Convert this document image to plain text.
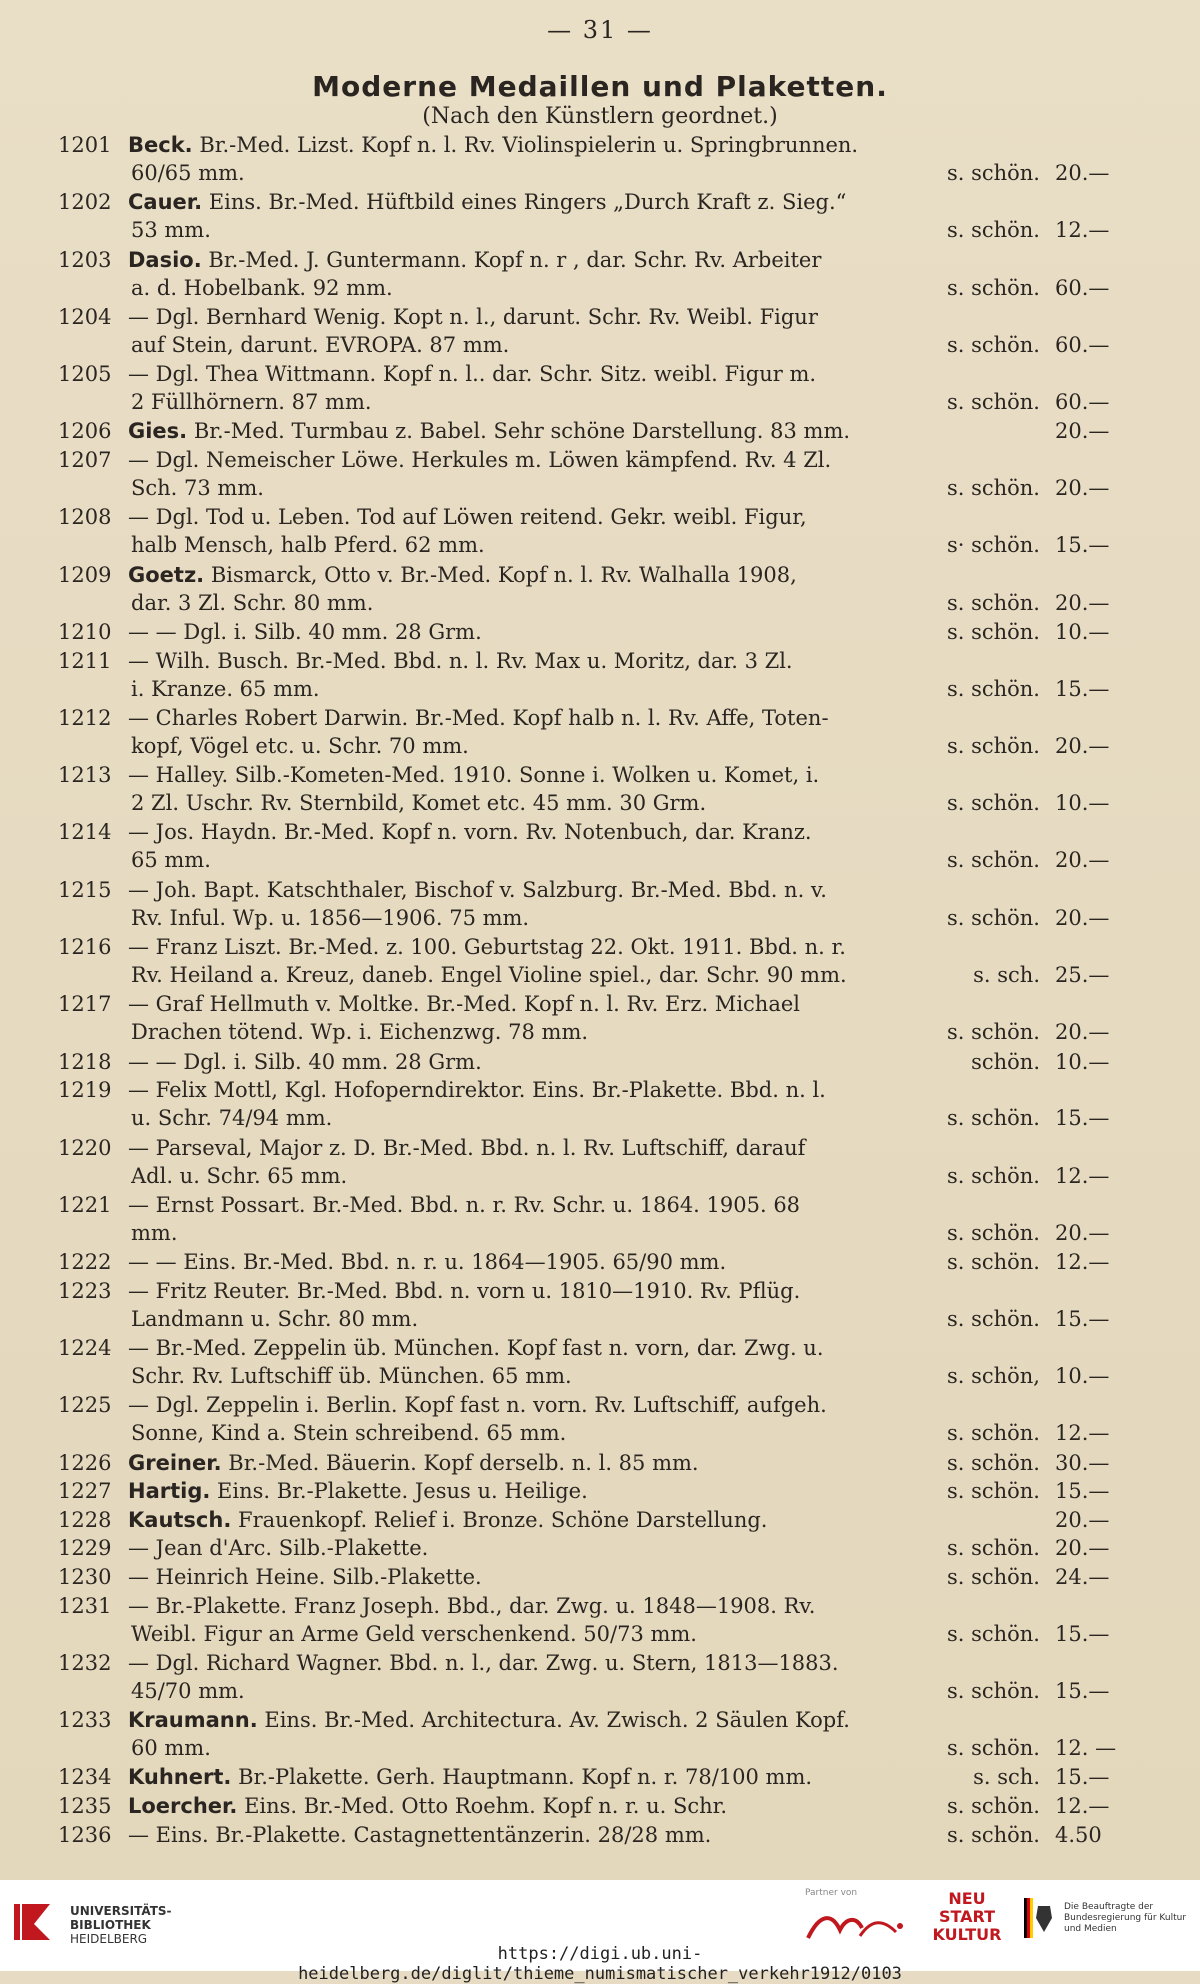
— 31 —
Moderne Medaillen und Plaketten.
(Nach den Künstlern geordnet.)
1201 Beck. Br.-Med. Lizst. Kopf n. l. Rv. Violinspielerin u. Springbrunnen.
60/65 mm.	s. schön. 20.—
1202 Cauer. Eins. Br.-Med. Hüftbild eines Ringers „Durch Kraft z. Sieg.“
53 mm.	s. schön. 12.—
1203 Dasio. Br.-Med. J. Guntermann. Kopf n. r , dar. Schr. Rv. Arbeiter
a. d. Hobelbank. 92 mm.	s. schön. 60.—
1204 — Dgl. Bernhard Wenig. Kopt n. l., darunt. Schr. Rv. Weibl. Figur
auf Stein, darunt. EVROPA. 87 mm.	s. schön. 60.—
1205 — Dgl. Thea Wittmann. Kopf n. l.. dar. Schr. Sitz. weibl. Figur m.
2 Füllhörnern. 87 mm.	s. schön. 60.—
1206 Gies. Br.-Med. Turmbau z. Babel. Sehr schöne Darstellung. 83 mm.	20.—
1207 — Dgl. Nemeischer Löwe. Herkules m. Löwen kämpfend. Rv. 4 Zl.
Sch. 73 mm.	s. schön. 20.—
1208 — Dgl. Tod u. Leben. Tod auf Löwen reitend. Gekr. weibl. Figur,
halb Mensch, halb Pferd. 62 mm.	s· schön. 15.—
1209 Goetz. Bismarck, Otto v. Br.-Med. Kopf n. l. Rv. Walhalla 1908,
dar. 3 Zl. Schr. 80 mm.	s. schön. 20.—
1210 — — Dgl. i. Silb. 40 mm. 28 Grm.	s. schön. 10.—
1211 — Wilh. Busch. Br.-Med. Bbd. n. l. Rv. Max u. Moritz, dar. 3 Zl.
i. Kranze. 65 mm.	s. schön. 15.—
1212 — Charles Robert Darwin. Br.-Med. Kopf halb n. l. Rv. Affe, Toten-
kopf, Vögel etc. u. Schr. 70 mm.	s. schön. 20.—
1213 — Halley. Silb.-Kometen-Med. 1910. Sonne i. Wolken u. Komet, i.
2 Zl. Uschr. Rv. Sternbild, Komet etc. 45 mm. 30 Grm.	s. schön. 10.—
1214 — Jos. Haydn. Br.-Med. Kopf n. vorn. Rv. Notenbuch, dar. Kranz.
65 mm.	s. schön. 20.—
1215 — Joh. Bapt. Katschthaler, Bischof v. Salzburg. Br.-Med. Bbd. n. v.
Rv. Inful. Wp. u. 1856—1906. 75 mm.	s. schön. 20.—
1216 — Franz Liszt. Br.-Med. z. 100. Geburtstag 22. Okt. 1911. Bbd. n. r.
Rv. Heiland a. Kreuz, daneb. Engel Violine spiel., dar. Schr. 90 mm.	s. sch. 25.—
1217 — Graf Hellmuth v. Moltke. Br.-Med. Kopf n. l. Rv. Erz. Michael
Drachen tötend. Wp. i. Eichenzwg. 78 mm.	s. schön. 20.—
1218 — — Dgl. i. Silb. 40 mm. 28 Grm.	schön. 10.—
1219 — Felix Mottl, Kgl. Hofoperndirektor. Eins. Br.-Plakette. Bbd. n. l.
u. Schr. 74/94 mm.	s. schön. 15.—
1220 — Parseval, Major z. D. Br.-Med. Bbd. n. l. Rv. Luftschiff, darauf
Adl. u. Schr. 65 mm.	s. schön. 12.—
1221 — Ernst Possart. Br.-Med. Bbd. n. r. Rv. Schr. u. 1864. 1905. 68
mm.	s. schön. 20.—
1222 — — Eins. Br.-Med. Bbd. n. r. u. 1864—1905. 65/90 mm.	s. schön. 12.—
1223 — Fritz Reuter. Br.-Med. Bbd. n. vorn u. 1810—1910. Rv. Pflüg.
Landmann u. Schr. 80 mm.	s. schön. 15.—
1224 — Br.-Med. Zeppelin üb. München. Kopf fast n. vorn, dar. Zwg. u.
Schr. Rv. Luftschiff üb. München. 65 mm.	s. schön, 10.—
1225 — Dgl. Zeppelin i. Berlin. Kopf fast n. vorn. Rv. Luftschiff, aufgeh.
Sonne, Kind a. Stein schreibend. 65 mm.	s. schön. 12.—
1226 Greiner. Br.-Med. Bäuerin. Kopf derselb. n. l. 85 mm.	s. schön. 30.—
1227 Hartig. Eins. Br.-Plakette. Jesus u. Heilige.	s. schön. 15.—
1228 Kautsch. Frauenkopf. Relief i. Bronze. Schöne Darstellung.	20.—
1229 — Jean d'Arc. Silb.-Plakette.	s. schön. 20.—
1230 — Heinrich Heine. Silb.-Plakette.	s. schön. 24.—
1231 — Br.-Plakette. Franz Joseph. Bbd., dar. Zwg. u. 1848—1908. Rv.
Weibl. Figur an Arme Geld verschenkend. 50/73 mm.	s. schön. 15.—
1232 — Dgl. Richard Wagner. Bbd. n. l., dar. Zwg. u. Stern, 1813—1883.
45/70 mm.	s. schön. 15.—
1233 Kraumann. Eins. Br.-Med. Architectura. Av. Zwisch. 2 Säulen Kopf.
60 mm.	s. schön. 12. —
1234 Kuhnert. Br.-Plakette. Gerh. Hauptmann. Kopf n. r. 78/100 mm.	s. sch. 15.—
1235 Loercher. Eins. Br.-Med. Otto Roehm. Kopf n. r. u. Schr.	s. schön. 12.—
1236 — Eins. Br.-Plakette. Castagnettentänzerin. 28/28 mm.	s. schön. 4.50
UNIVERSITÄTS-
BIBLIOTHEK
HEIDELBERG
Partner von	NEU
START
KULTUR
Die Beauftragte der Bundesregierung für Kultur und Medien
https://digi.ub.uni-heidelberg.de/diglit/thieme_numismatischer_verkehr1912/0103
